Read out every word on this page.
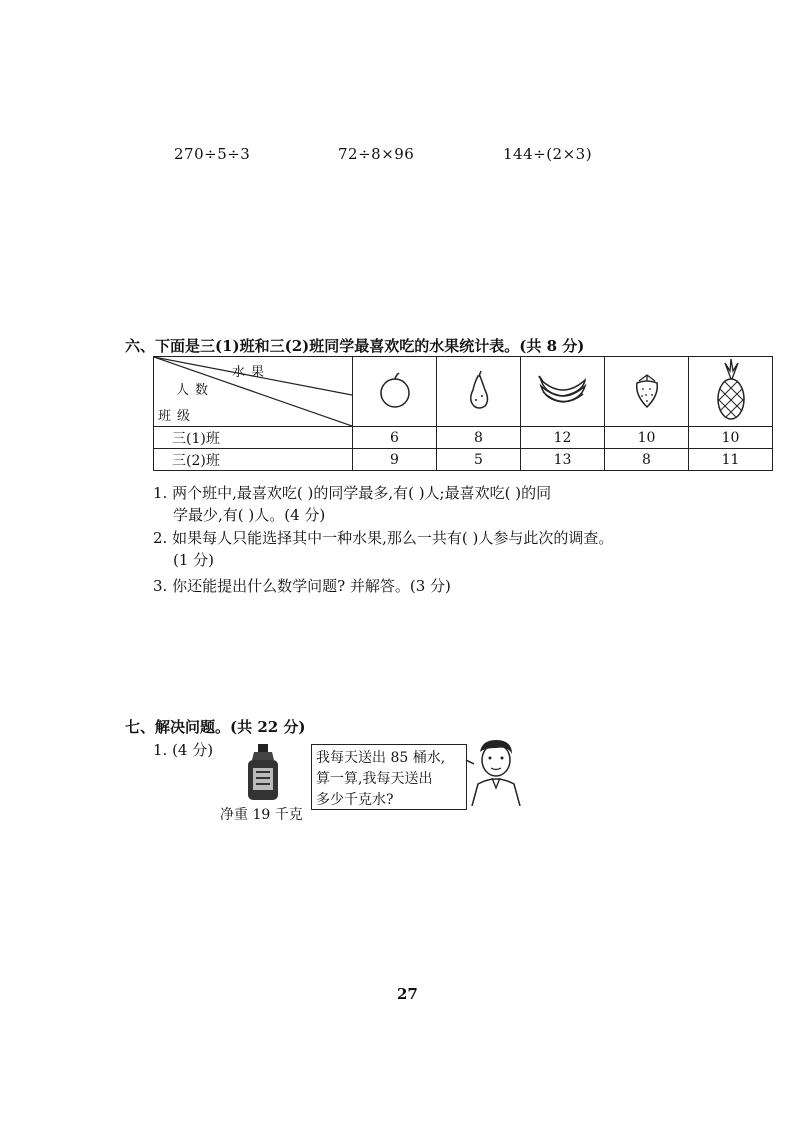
270÷5÷3	72÷8×96	144÷(2×3)
六、下面是三(1)班和三(2)班同学最喜欢吃的水果统计表。(共 8 分)
水果
人数
班级

三(1)班	6	8	12	10	10
三(2)班	9	5	13	8	11
1. 两个班中,最喜欢吃( )的同学最多,有( )人;最喜欢吃( )的同
学最少,有( )人。(4 分)
2. 如果每人只能选择其中一种水果,那么一共有( )人参与此次的调查。
(1 分)
3. 你还能提出什么数学问题? 并解答。(3 分)
七、解决问题。(共 22 分)
1. (4 分)
净重 19 千克
我每天送出 85 桶水,
算一算,我每天送出
多少千克水?
27
